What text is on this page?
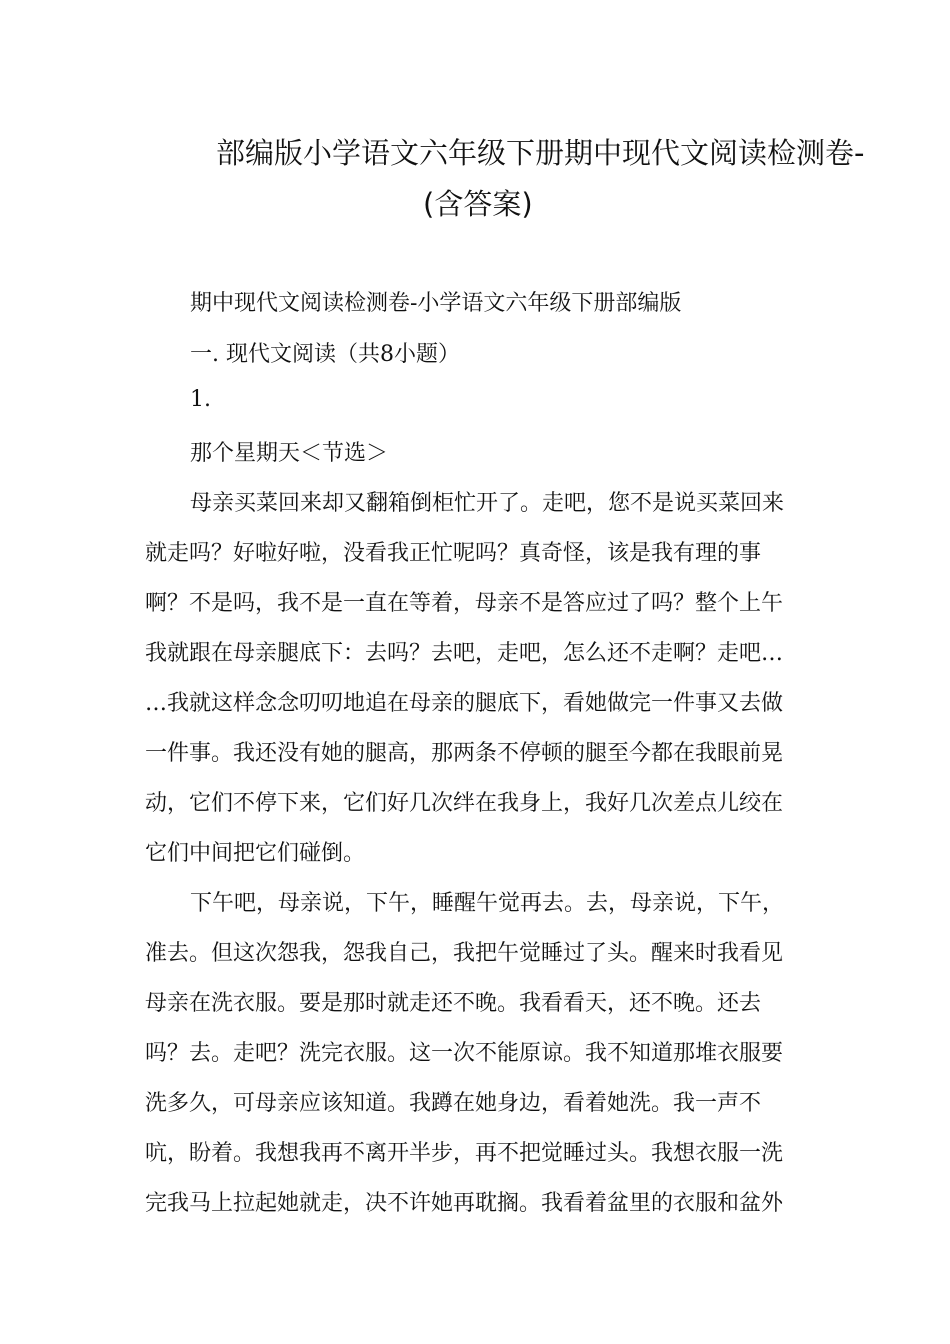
部编版小学语文六年级下册期中现代文阅读检测卷-
(含答案)
期中现代文阅读检测卷-小学语文六年级下册部编版
一. 现代文阅读（共8小题）
1.
那个星期天＜节选＞
母亲买菜回来却又翻箱倒柜忙开了。走吧，您不是说买菜回来
就走吗？好啦好啦，没看我正忙呢吗？真奇怪，该是我有理的事
啊？不是吗，我不是一直在等着，母亲不是答应过了吗？整个上午
我就跟在母亲腿底下：去吗？去吧，走吧，怎么还不走啊？走吧…
…我就这样念念叨叨地追在母亲的腿底下，看她做完一件事又去做
一件事。我还没有她的腿高，那两条不停顿的腿至今都在我眼前晃
动，它们不停下来，它们好几次绊在我身上，我好几次差点儿绞在
它们中间把它们碰倒。
下午吧，母亲说，下午，睡醒午觉再去。去，母亲说，下午，
准去。但这次怨我，怨我自己，我把午觉睡过了头。醒来时我看见
母亲在洗衣服。要是那时就走还不晚。我看看天，还不晚。还去
吗？去。走吧？洗完衣服。这一次不能原谅。我不知道那堆衣服要
洗多久，可母亲应该知道。我蹲在她身边，看着她洗。我一声不
吭，盼着。我想我再不离开半步，再不把觉睡过头。我想衣服一洗
完我马上拉起她就走，决不许她再耽搁。我看着盆里的衣服和盆外
